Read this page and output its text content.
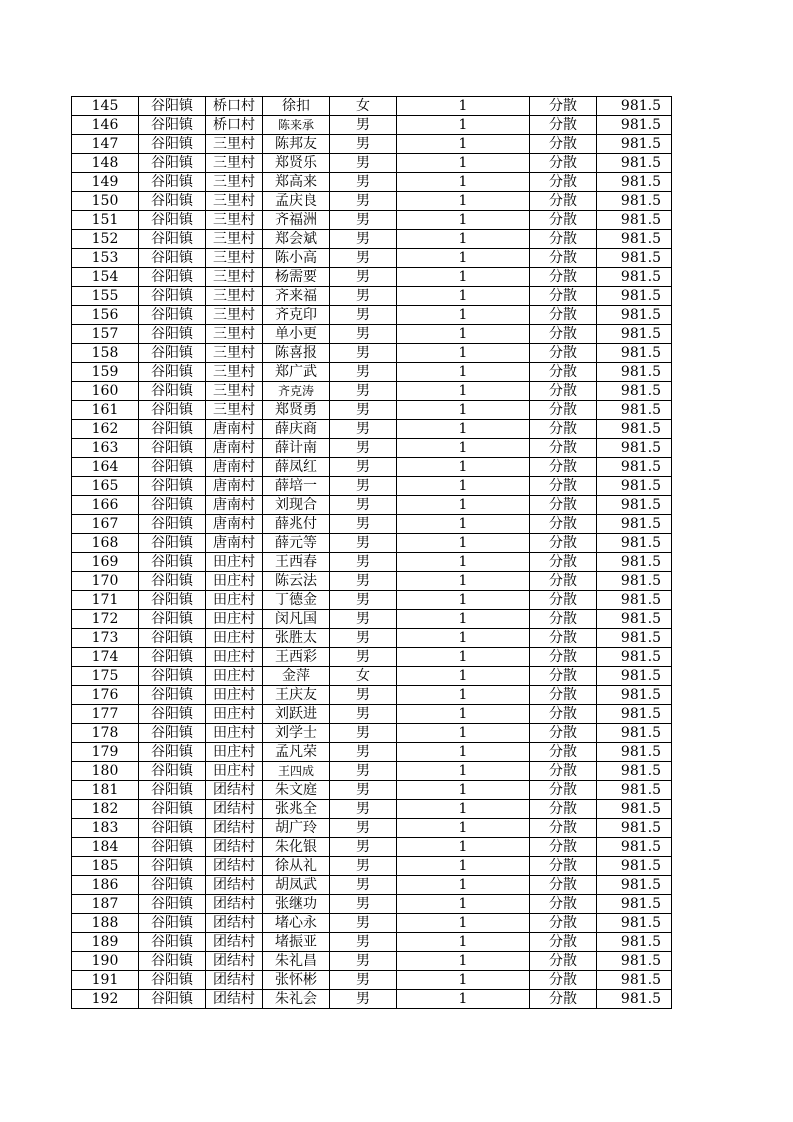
145	谷阳镇	桥口村	徐扣	女	1	分散	981.5
146	谷阳镇	桥口村	陈来承	男	1	分散	981.5
147	谷阳镇	三里村	陈邦友	男	1	分散	981.5
148	谷阳镇	三里村	郑贤乐	男	1	分散	981.5
149	谷阳镇	三里村	郑高来	男	1	分散	981.5
150	谷阳镇	三里村	孟庆良	男	1	分散	981.5
151	谷阳镇	三里村	齐福洲	男	1	分散	981.5
152	谷阳镇	三里村	郑会斌	男	1	分散	981.5
153	谷阳镇	三里村	陈小高	男	1	分散	981.5
154	谷阳镇	三里村	杨需要	男	1	分散	981.5
155	谷阳镇	三里村	齐来福	男	1	分散	981.5
156	谷阳镇	三里村	齐克印	男	1	分散	981.5
157	谷阳镇	三里村	单小更	男	1	分散	981.5
158	谷阳镇	三里村	陈喜报	男	1	分散	981.5
159	谷阳镇	三里村	郑广武	男	1	分散	981.5
160	谷阳镇	三里村	齐克涛	男	1	分散	981.5
161	谷阳镇	三里村	郑贤勇	男	1	分散	981.5
162	谷阳镇	唐南村	薛庆商	男	1	分散	981.5
163	谷阳镇	唐南村	薛计南	男	1	分散	981.5
164	谷阳镇	唐南村	薛凤红	男	1	分散	981.5
165	谷阳镇	唐南村	薛培一	男	1	分散	981.5
166	谷阳镇	唐南村	刘现合	男	1	分散	981.5
167	谷阳镇	唐南村	薛兆付	男	1	分散	981.5
168	谷阳镇	唐南村	薛元等	男	1	分散	981.5
169	谷阳镇	田庄村	王西春	男	1	分散	981.5
170	谷阳镇	田庄村	陈云法	男	1	分散	981.5
171	谷阳镇	田庄村	丁德金	男	1	分散	981.5
172	谷阳镇	田庄村	闵凡国	男	1	分散	981.5
173	谷阳镇	田庄村	张胜太	男	1	分散	981.5
174	谷阳镇	田庄村	王西彩	男	1	分散	981.5
175	谷阳镇	田庄村	金萍	女	1	分散	981.5
176	谷阳镇	田庄村	王庆友	男	1	分散	981.5
177	谷阳镇	田庄村	刘跃进	男	1	分散	981.5
178	谷阳镇	田庄村	刘学士	男	1	分散	981.5
179	谷阳镇	田庄村	孟凡荣	男	1	分散	981.5
180	谷阳镇	田庄村	王四成	男	1	分散	981.5
181	谷阳镇	团结村	朱文庭	男	1	分散	981.5
182	谷阳镇	团结村	张兆全	男	1	分散	981.5
183	谷阳镇	团结村	胡广玲	男	1	分散	981.5
184	谷阳镇	团结村	朱化银	男	1	分散	981.5
185	谷阳镇	团结村	徐从礼	男	1	分散	981.5
186	谷阳镇	团结村	胡凤武	男	1	分散	981.5
187	谷阳镇	团结村	张继功	男	1	分散	981.5
188	谷阳镇	团结村	堵心永	男	1	分散	981.5
189	谷阳镇	团结村	堵振亚	男	1	分散	981.5
190	谷阳镇	团结村	朱礼昌	男	1	分散	981.5
191	谷阳镇	团结村	张怀彬	男	1	分散	981.5
192	谷阳镇	团结村	朱礼会	男	1	分散	981.5
